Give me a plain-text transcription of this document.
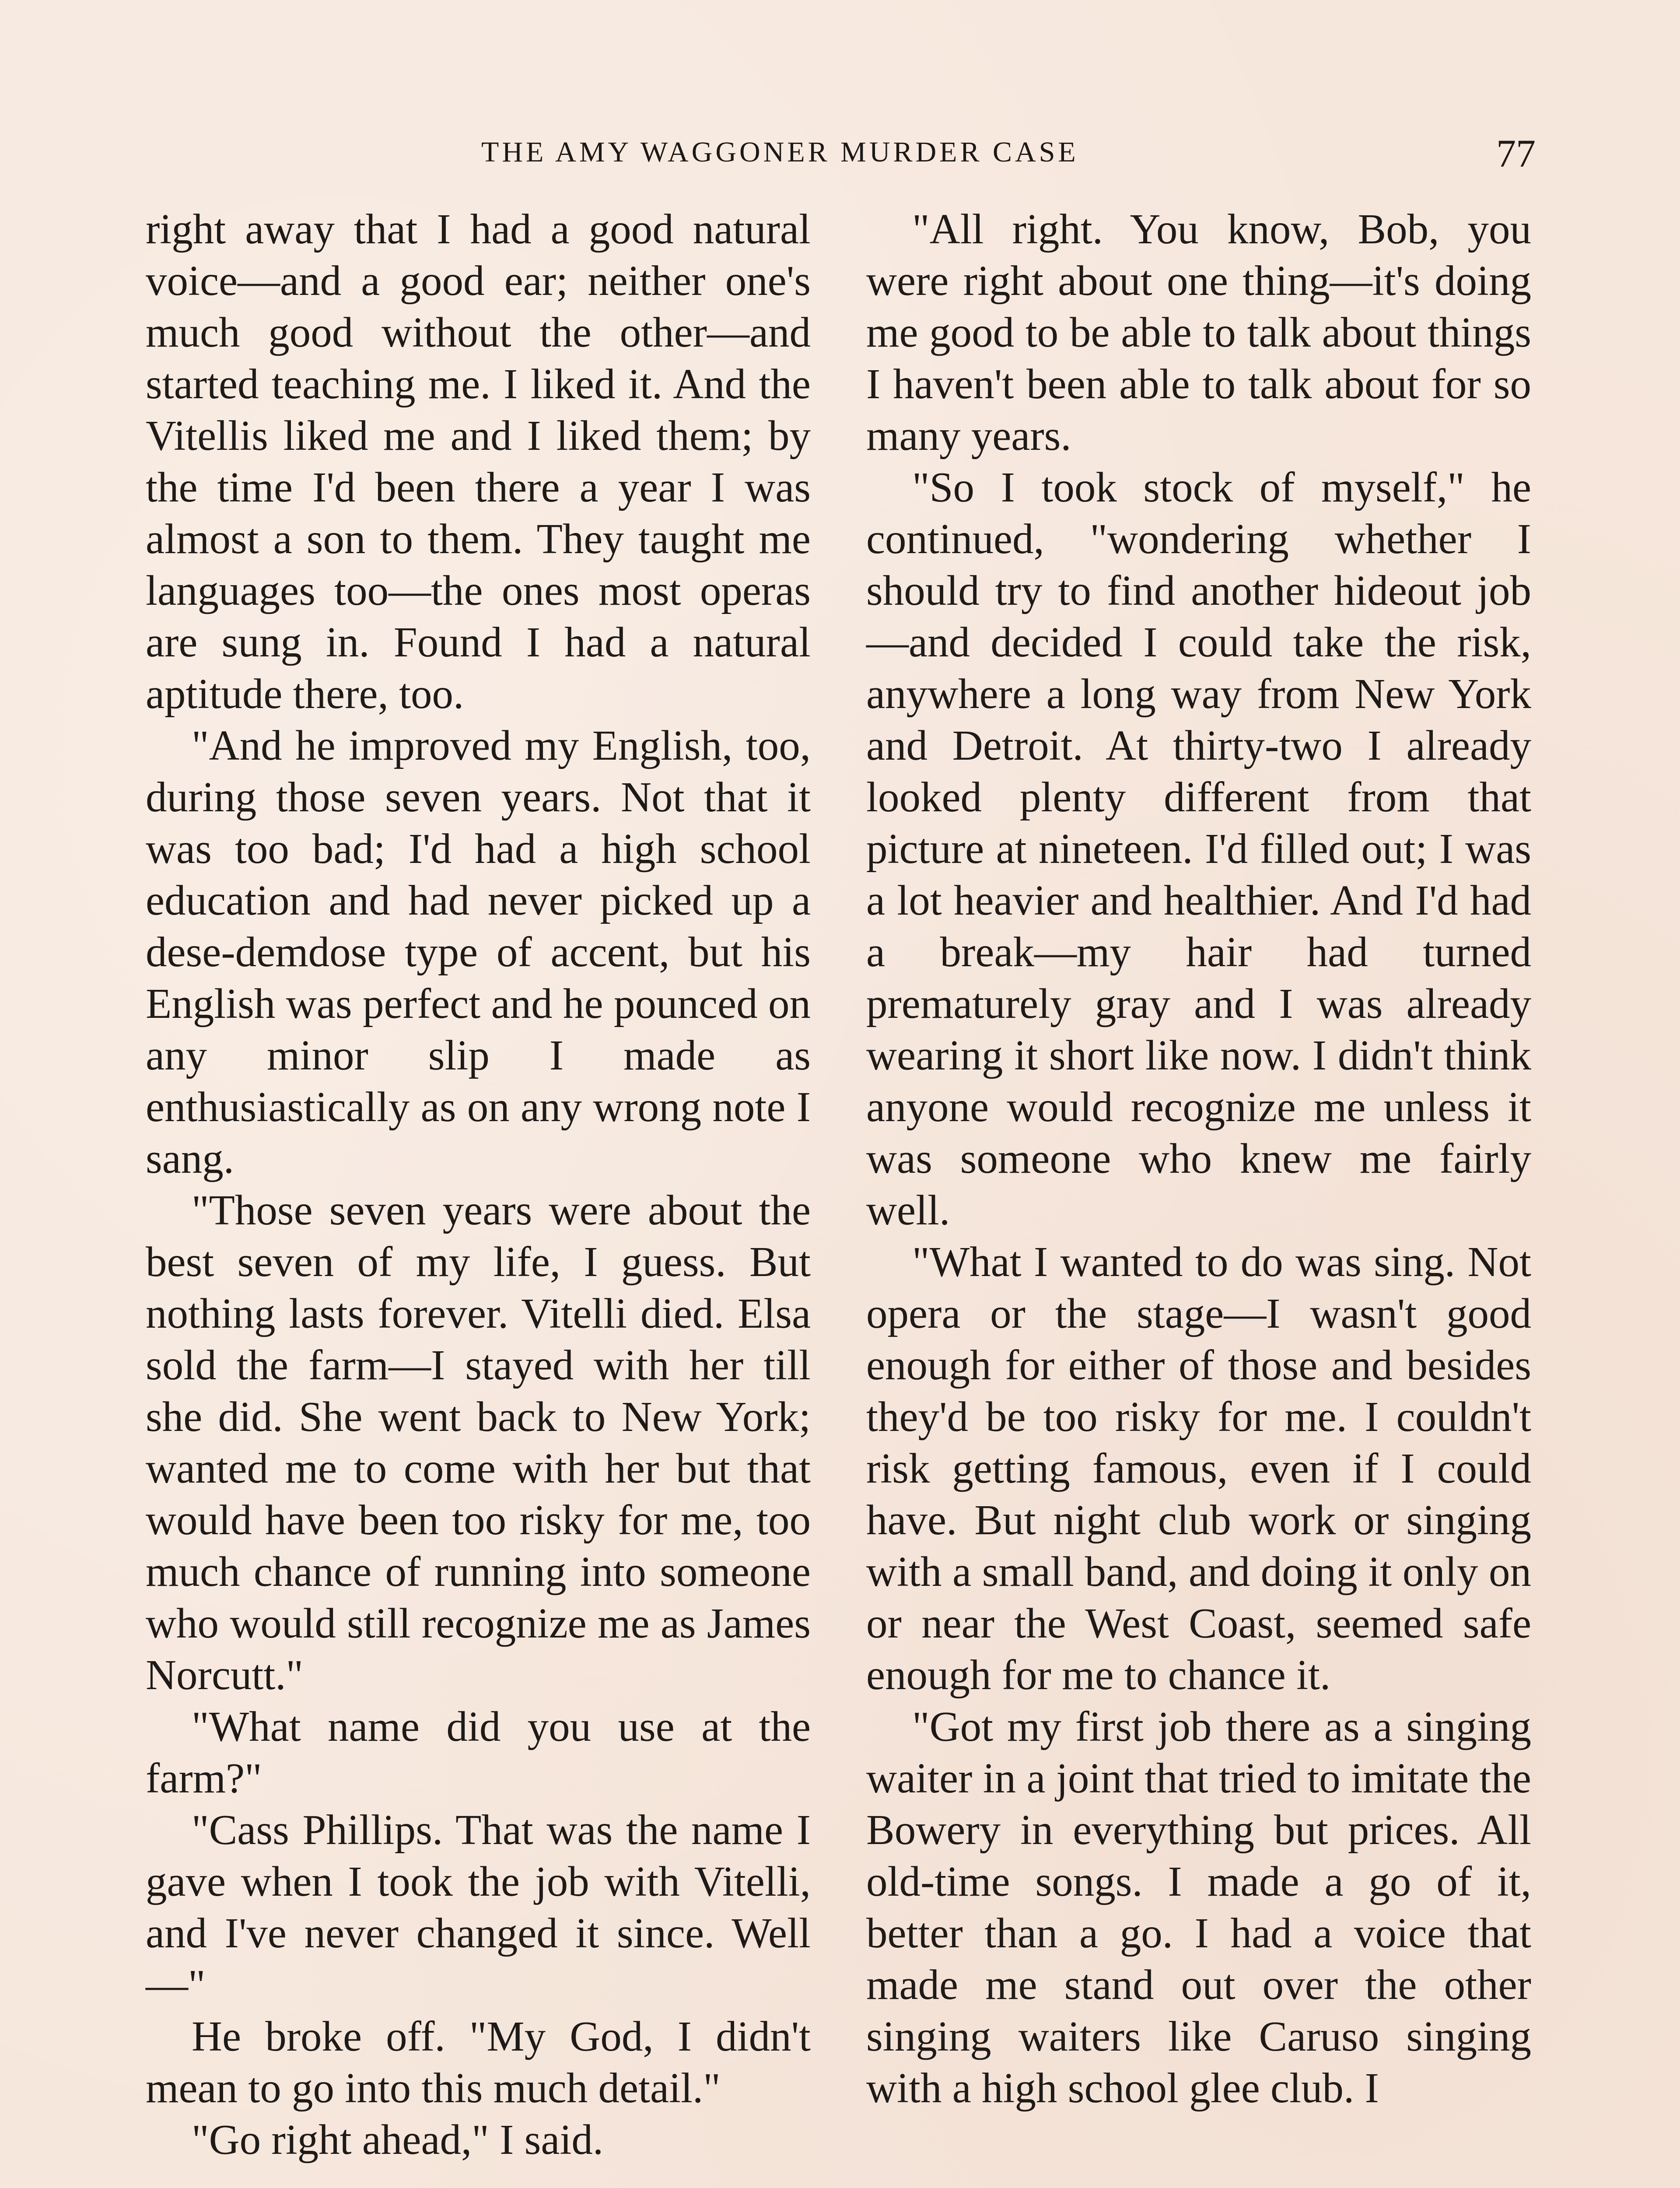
THE AMY WAGGONER MURDER CASE	77

right away that I had a good natural voice—and a good ear; neither one's much good without the other—and started teaching me. I liked it. And the Vitellis liked me and I liked them; by the time I'd been there a year I was almost a son to them. They taught me languages too—the ones most operas are sung in. Found I had a natural aptitude there, too.

"And he improved my English, too, during those seven years. Not that it was too bad; I'd had a high school education and had never picked up a dese-demdose type of accent, but his English was perfect and he pounced on any minor slip I made as enthusiastically as on any wrong note I sang.

"Those seven years were about the best seven of my life, I guess. But nothing lasts forever. Vitelli died. Elsa sold the farm—I stayed with her till she did. She went back to New York; wanted me to come with her but that would have been too risky for me, too much chance of running into someone who would still recognize me as James Norcutt."

"What name did you use at the farm?"

"Cass Phillips. That was the name I gave when I took the job with Vitelli, and I've never changed it since. Well—"

He broke off. "My God, I didn't mean to go into this much detail."

"Go right ahead," I said.

"All right. You know, Bob, you were right about one thing—it's doing me good to be able to talk about things I haven't been able to talk about for so many years.

"So I took stock of myself," he continued, "wondering whether I should try to find another hideout job—and decided I could take the risk, anywhere a long way from New York and Detroit. At thirty-two I already looked plenty different from that picture at nineteen. I'd filled out; I was a lot heavier and healthier. And I'd had a break—my hair had turned prematurely gray and I was already wearing it short like now. I didn't think anyone would recognize me unless it was someone who knew me fairly well.

"What I wanted to do was sing. Not opera or the stage—I wasn't good enough for either of those and besides they'd be too risky for me. I couldn't risk getting famous, even if I could have. But night club work or singing with a small band, and doing it only on or near the West Coast, seemed safe enough for me to chance it.

"Got my first job there as a singing waiter in a joint that tried to imitate the Bowery in everything but prices. All old-time songs. I made a go of it, better than a go. I had a voice that made me stand out over the other singing waiters like Caruso singing with a high school glee club. I
